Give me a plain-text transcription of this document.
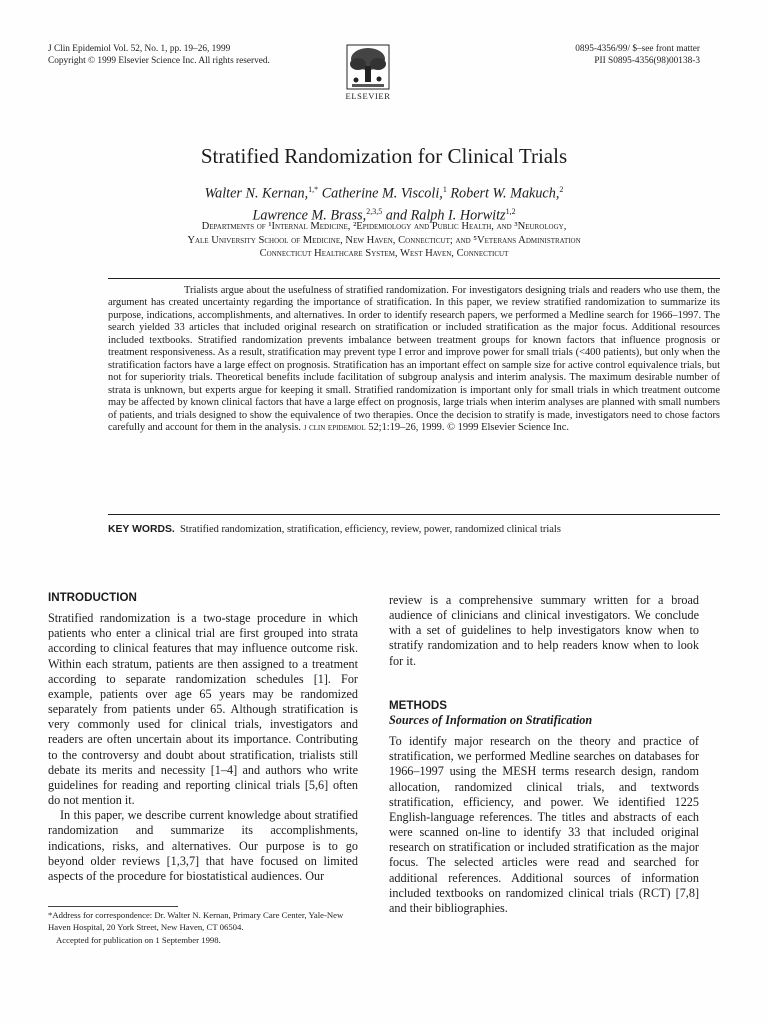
J Clin Epidemiol Vol. 52, No. 1, pp. 19–26, 1999
Copyright © 1999 Elsevier Science Inc. All rights reserved.
ELSEVIER
0895-4356/99/ $–see front matter
PII S0895-4356(98)00138-3
Stratified Randomization for Clinical Trials
Walter N. Kernan,$^{1,*}$ Catherine M. Viscoli,$^1$ Robert W. Makuch,$^2$
Lawrence M. Brass,$^{2,3,5}$ and Ralph I. Horwitz$^{1,2}$
Departments of ¹Internal Medicine, ²Epidemiology and Public Health, and ³Neurology,
Yale University School of Medicine, New Haven, Connecticut; and ⁵Veterans Administration
Connecticut Healthcare System, West Haven, Connecticut

Trialists argue about the usefulness of stratified randomization. For investigators designing trials and readers who use them, the argument has created uncertainty regarding the importance of stratification. In this paper, we review stratified randomization to summarize its purpose, indications, accomplishments, and alternatives. In order to identify research papers, we performed a Medline search for 1966–1997. The search yielded 33 articles that included original research on stratification or included stratification as the major focus. Additional resources included textbooks. Stratified randomization prevents imbalance between treatment groups for known factors that influence prognosis or treatment responsiveness. As a result, stratification may prevent type I error and improve power for small trials (<400 patients), but only when the stratification factors have a large effect on prognosis. Stratification has an important effect on sample size for active control equivalence trials, but not for superiority trials. Theoretical benefits include facilitation of subgroup analysis and interim analysis. The maximum desirable number of strata is unknown, but experts argue for keeping it small. Stratified randomization is important only for small trials in which treatment outcome may be affected by known clinical factors that have a large effect on prognosis, large trials when interim analyses are planned with small numbers of patients, and trials designed to show the equivalence of two therapies. Once the decision to stratify is made, investigators need to chose factors carefully and account for them in the analysis. j clin epidemiol 52;1:19–26, 1999. © 1999 Elsevier Science Inc.

KEY WORDS. Stratified randomization, stratification, efficiency, review, power, randomized clinical trials
INTRODUCTION

Stratified randomization is a two-stage procedure in which patients who enter a clinical trial are first grouped into strata according to clinical features that may influence outcome risk. Within each stratum, patients are then assigned to a treatment according to separate randomization schedules [1]. For example, patients over age 65 years may be randomized separately from patients under 65. Although stratification is very commonly used for clinical trials, investigators and readers are often uncertain about its importance. Contributing to the controversy and doubt about stratification, trialists still debate its merits and necessity [1–4] and authors who write guidelines for reading and reporting clinical trials [5,6] often do not mention it.

In this paper, we describe current knowledge about stratified randomization and summarize its accomplishments, indications, risks, and alternatives. Our purpose is to go beyond older reviews [1,3,7] that have focused on limited aspects of the procedure for biostatistical audiences. Our

review is a comprehensive summary written for a broad audience of clinicians and clinical investigators. We conclude with a set of guidelines to help investigators know when to stratify randomization and to help readers know when to look for it.
METHODS
Sources of Information on Stratification

To identify major research on the theory and practice of stratification, we performed Medline searches on databases for 1966–1997 using the MESH terms research design, random allocation, randomized clinical trials, and textwords stratification, efficiency, and power. We identified 1225 English-language references. The titles and abstracts of each were scanned on-line to identify 33 that included original research on stratification or included stratification as the major focus. The selected articles were read and searched for additional references. Additional sources of information included textbooks on randomized clinical trials (RCT) [7,8] and their bibliographies.

*Address for correspondence: Dr. Walter N. Kernan, Primary Care Center, Yale-New Haven Hospital, 20 York Street, New Haven, CT 06504.

Accepted for publication on 1 September 1998.
